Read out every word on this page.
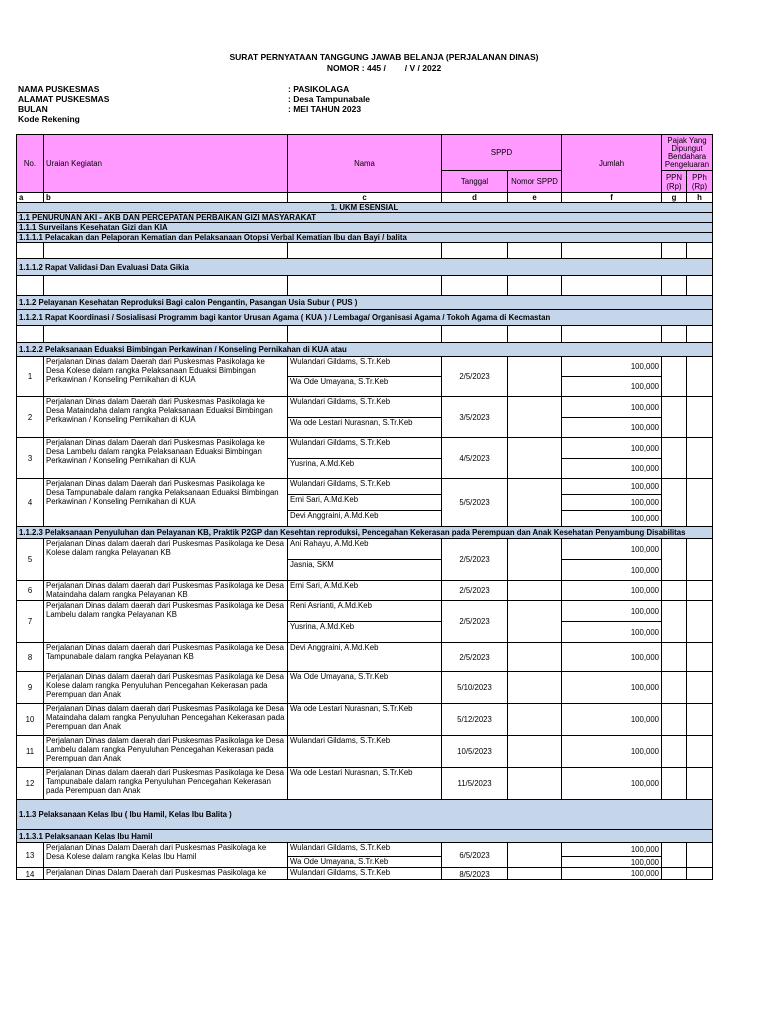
SURAT PERNYATAAN TANGGUNG JAWAB BELANJA (PERJALANAN DINAS)
NOMOR : 445 / / V / 2022
NAMA PUSKESMAS	: PASIKOLAGA
ALAMAT PUSKESMAS	: Desa Tampunabale
BULAN	: MEI TAHUN 2023
Kode Rekening
No.	Uraian Kegiatan	Nama	SPPD		Jumlah	Pajak Yang Dipungut Bendahara Pengeluaran	
			Tanggal	Nomor SPPD		PPN (Rp)	PPh (Rp)
a	b	c	d	e	f	g	h
1. UKM ESENSIAL							
1.1 PENURUNAN AKI - AKB DAN PERCEPATAN PERBAIKAN GIZI MASYARAKAT							
1.1.1 Surveilans Kesehatan Gizi dan KIA							
1.1.1.1 Pelacakan dan Pelaporan Kematian dan Pelaksanaan Otopsi Verbal Kematian Ibu dan Bayi / balita							

1.1.1.2 Rapat Validasi Dan Evaluasi Data Gikia							

1.1.2 Pelayanan Kesehatan Reproduksi Bagi calon Pengantin, Pasangan Usia Subur ( PUS )							
1.1.2.1 Rapat Koordinasi / Sosialisasi Programm bagi kantor Urusan Agama ( KUA ) / Lembaga/ Organisasi Agama / Tokoh Agama di Kecmastan							

1.1.2.2 Pelaksanaan Eduaksi Bimbingan Perkawinan / Konseling Pernikahan di KUA atau							
1	Perjalanan Dinas dalam Daerah dari Puskesmas Pasikolaga ke Desa Kolese dalam rangka Pelaksanaan Eduaksi Bimbingan Perkawinan / Konseling Pernikahan di KUA	Wulandari Gildams, S.Tr.Keb	2/5/2023		100,000		
		Wa Ode Umayana, S.Tr.Keb			100,000		
2	Perjalanan Dinas dalam Daerah dari Puskesmas Pasikolaga ke Desa Mataindaha dalam rangka Pelaksanaan Eduaksi Bimbingan Perkawinan / Konseling Pernikahan di KUA	Wulandari Gildams, S.Tr.Keb	3/5/2023		100,000		
		Wa ode Lestari Nurasnan, S.Tr.Keb			100,000		
3	Perjalanan Dinas dalam Daerah dari Puskesmas Pasikolaga ke Desa Lambelu dalam rangka Pelaksanaan Eduaksi Bimbingan Perkawinan / Konseling Pernikahan di KUA	Wulandari Gildams, S.Tr.Keb	4/5/2023		100,000		
		Yusrina, A.Md.Keb			100,000		
4	Perjalanan Dinas dalam Daerah dari Puskesmas Pasikolaga ke Desa Tampunabale dalam rangka Pelaksanaan Eduaksi Bimbingan Perkawinan / Konseling Pernikahan di KUA	Wulandari Gildams, S.Tr.Keb	5/5/2023		100,000		
		Erni Sari, A.Md.Keb			100,000		
		Devi Anggraini, A.Md.Keb			100,000		
1.1.2.3 Pelaksanaan Penyuluhan dan Pelayanan KB, Praktik P2GP dan Kesehtan reproduksi, Pencegahan Kekerasan pada Perempuan dan Anak Kesehatan Penyambung Disabilitas							
5	Perjalanan Dinas dalam daerah dari Puskesmas Pasikolaga ke Desa Kolese dalam rangka Pelayanan KB	Ani Rahayu, A.Md.Keb	2/5/2023		100,000		
		Jasnia, SKM			100,000		
6	Perjalanan Dinas dalam daerah dari Puskesmas Pasikolaga ke Desa Mataindaha dalam rangka Pelayanan KB	Erni Sari, A.Md.Keb	2/5/2023		100,000		
7	Perjalanan Dinas dalam daerah dari Puskesmas Pasikolaga ke Desa Lambelu dalam rangka Pelayanan KB	Reni Asrianti, A.Md.Keb	2/5/2023		100,000		
		Yusrina, A.Md.Keb			100,000		
8	Perjalanan Dinas dalam daerah dari Puskesmas Pasikolaga ke Desa Tampunabale dalam rangka Pelayanan KB	Devi Anggraini, A.Md.Keb	2/5/2023		100,000		
9	Perjalanan Dinas dalam daerah dari Puskesmas Pasikolaga ke Desa Kolese dalam rangka Penyuluhan Pencegahan Kekerasan pada Perempuan dan Anak	Wa Ode Umayana, S.Tr.Keb	5/10/2023		100,000		
10	Perjalanan Dinas dalam daerah dari Puskesmas Pasikolaga ke Desa Mataindaha dalam rangka Penyuluhan Pencegahan Kekerasan pada Perempuan dan Anak	Wa ode Lestari Nurasnan, S.Tr.Keb	5/12/2023		100,000		
11	Perjalanan Dinas dalam daerah dari Puskesmas Pasikolaga ke Desa Lambelu dalam rangka Penyuluhan Pencegahan Kekerasan pada Perempuan dan Anak	Wulandari Gildams, S.Tr.Keb	10/5/2023		100,000		
12	Perjalanan Dinas dalam daerah dari Puskesmas Pasikolaga ke Desa Tampunabale dalam rangka Penyuluhan Pencegahan Kekerasan pada Perempuan dan Anak	Wa ode Lestari Nurasnan, S.Tr.Keb	11/5/2023		100,000		
1.1.3 Pelaksanaan Kelas Ibu ( Ibu Hamil, Kelas Ibu Balita )							
1.1.3.1 Pelaksanaan Kelas Ibu Hamil							
13	Perjalanan Dinas Dalam Daerah dari Puskesmas Pasikolaga ke Desa Kolese dalam rangka Kelas Ibu Hamil	Wulandari Gildams, S.Tr.Keb	6/5/2023		100,000		
		Wa Ode Umayana, S.Tr.Keb			100,000		
14	Perjalanan Dinas Dalam Daerah dari Puskesmas Pasikolaga ke	Wulandari Gildams, S.Tr.Keb	8/5/2023		100,000		
